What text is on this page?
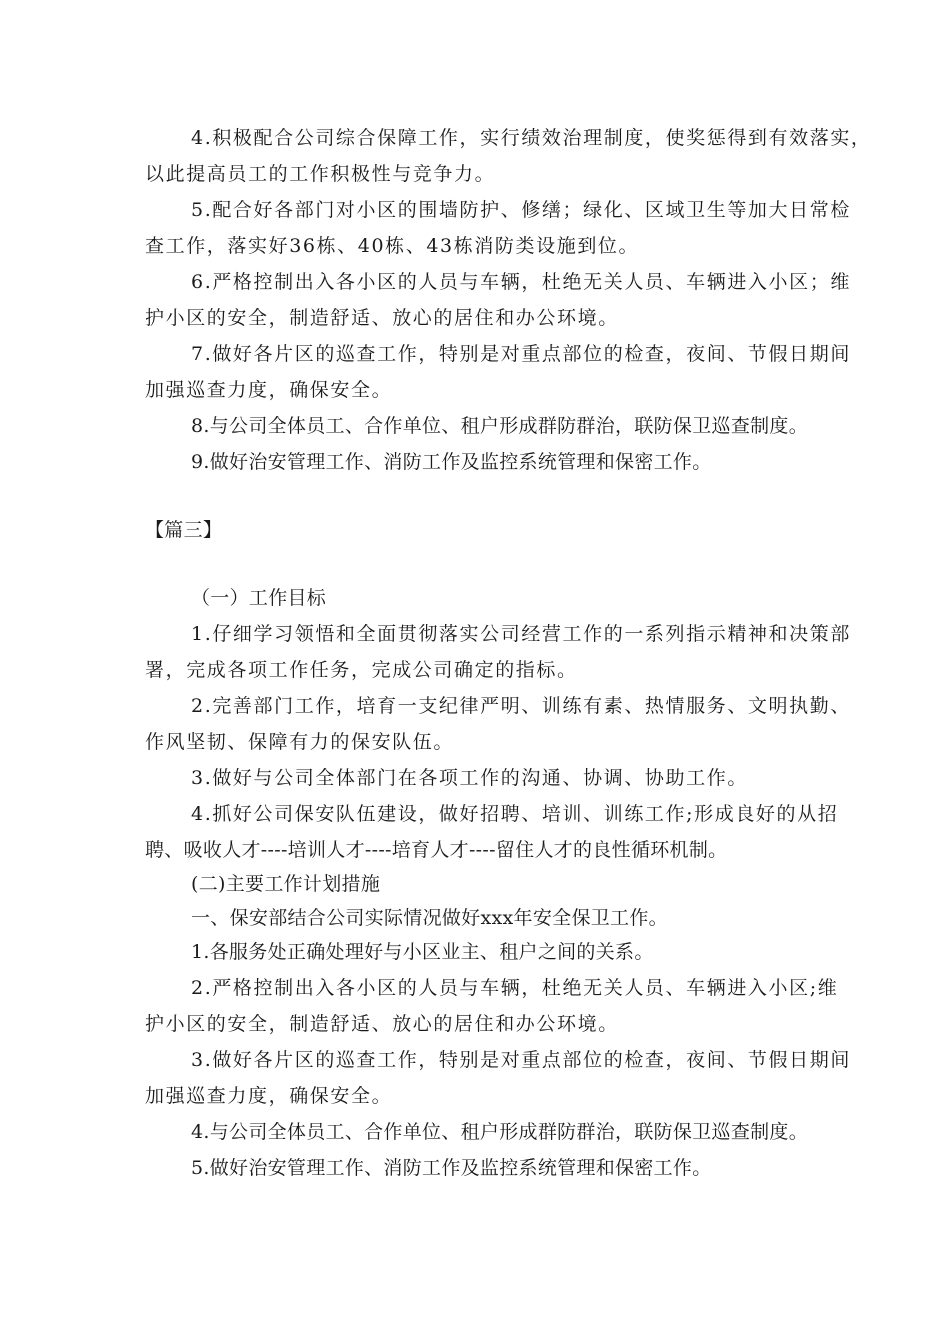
4.积极配合公司综合保障工作，实行绩效治理制度，使奖惩得到有效落实，
以此提高员工的工作积极性与竞争力。
5.配合好各部门对小区的围墙防护、修缮；绿化、区域卫生等加大日常检
查工作，落实好36栋、40栋、43栋消防类设施到位。
6.严格控制出入各小区的人员与车辆，杜绝无关人员、车辆进入小区；维
护小区的安全，制造舒适、放心的居住和办公环境。
7.做好各片区的巡查工作，特别是对重点部位的检查，夜间、节假日期间
加强巡查力度，确保安全。
8.与公司全体员工、合作单位、租户形成群防群治，联防保卫巡查制度。
9.做好治安管理工作、消防工作及监控系统管理和保密工作。
【篇三】
（一）工作目标
1.仔细学习领悟和全面贯彻落实公司经营工作的一系列指示精神和决策部
署，完成各项工作任务，完成公司确定的指标。
2.完善部门工作，培育一支纪律严明、训练有素、热情服务、文明执勤、
作风坚韧、保障有力的保安队伍。
3.做好与公司全体部门在各项工作的沟通、协调、协助工作。
4.抓好公司保安队伍建设，做好招聘、培训、训练工作;形成良好的从招
聘、吸收人才----培训人才----培育人才----留住人才的良性循环机制。
(二)主要工作计划措施
一、保安部结合公司实际情况做好xxx年安全保卫工作。
1.各服务处正确处理好与小区业主、租户之间的关系。
2.严格控制出入各小区的人员与车辆，杜绝无关人员、车辆进入小区;维
护小区的安全，制造舒适、放心的居住和办公环境。
3.做好各片区的巡查工作，特别是对重点部位的检查，夜间、节假日期间
加强巡查力度，确保安全。
4.与公司全体员工、合作单位、租户形成群防群治，联防保卫巡查制度。
5.做好治安管理工作、消防工作及监控系统管理和保密工作。
